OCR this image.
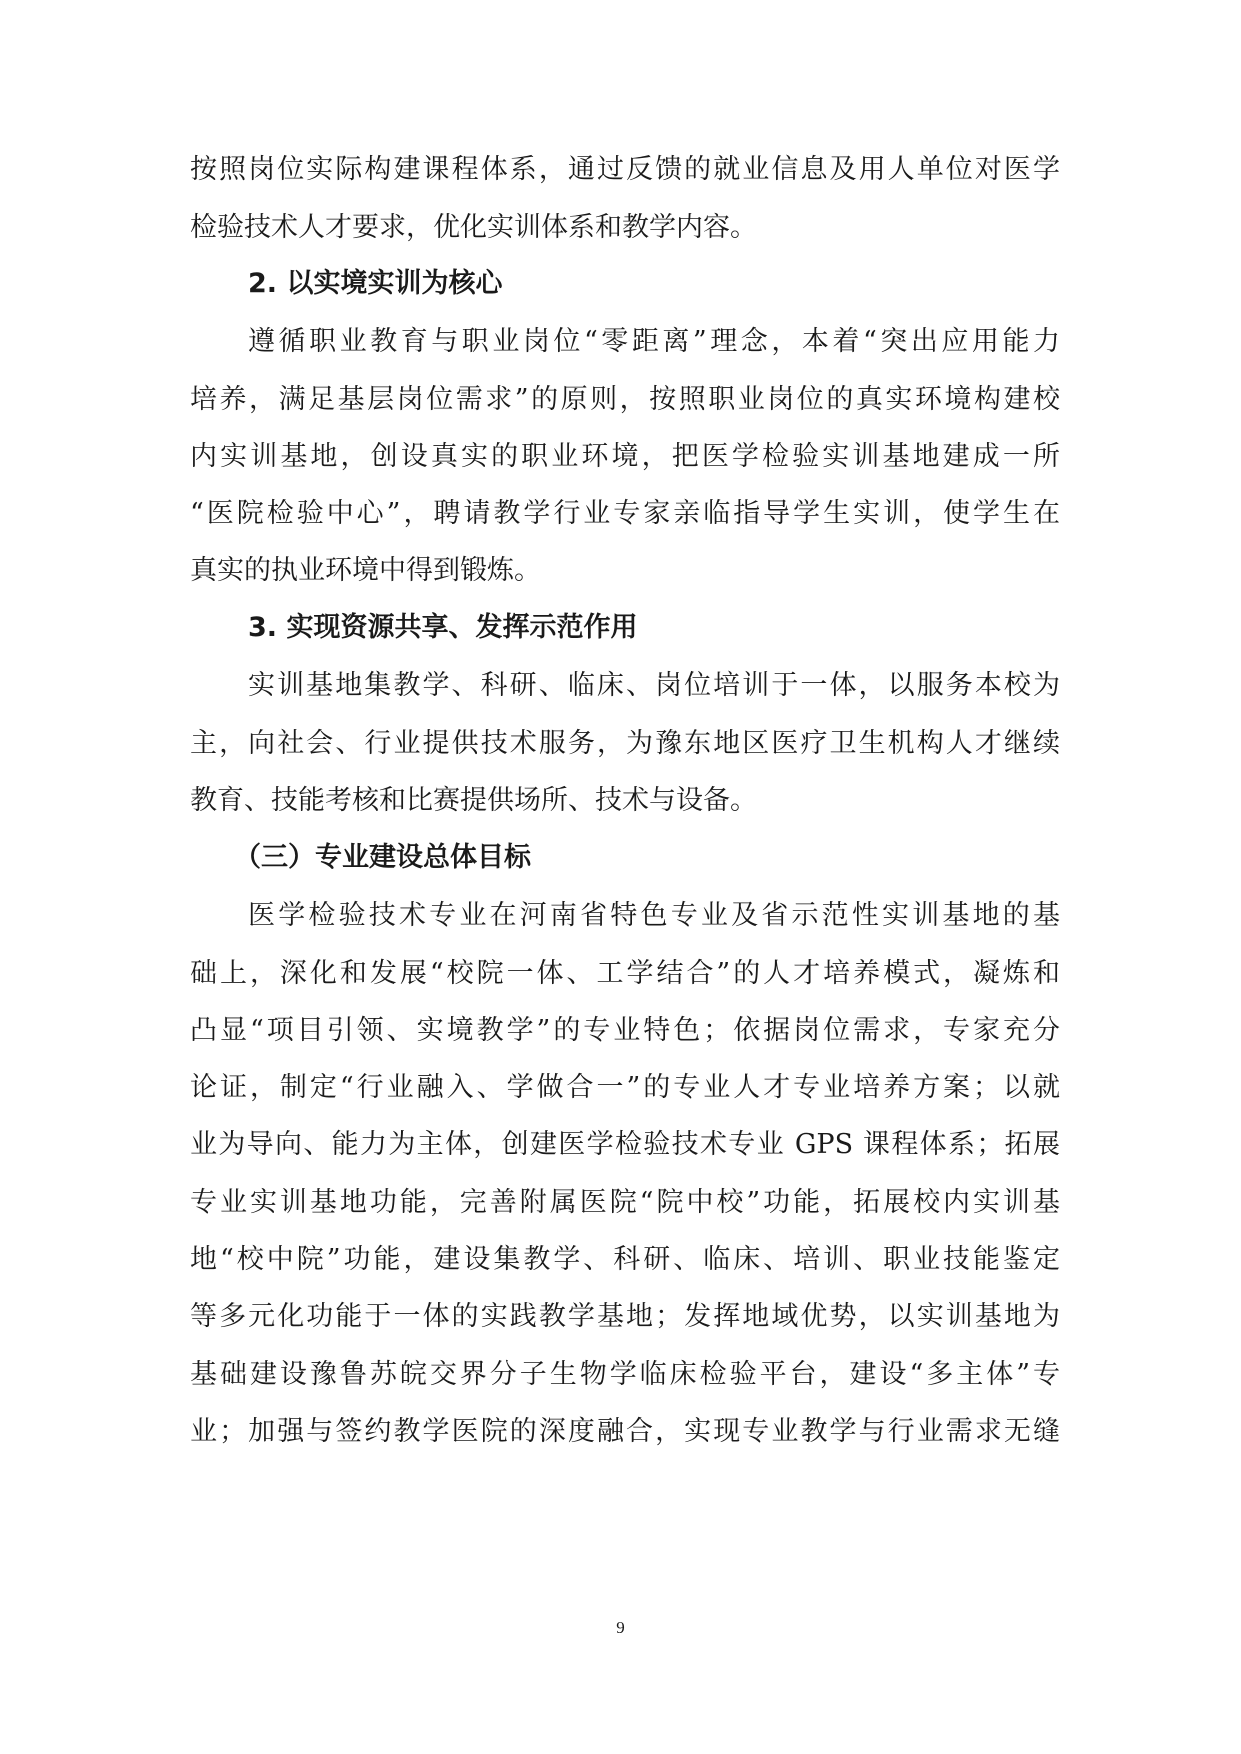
按照岗位实际构建课程体系，通过反馈的就业信息及用人单位对医学
检验技术人才要求，优化实训体系和教学内容。
2. 以实境实训为核心
遵循职业教育与职业岗位“零距离”理念，本着“突出应用能力
培养，满足基层岗位需求”的原则，按照职业岗位的真实环境构建校
内实训基地，创设真实的职业环境，把医学检验实训基地建成一所
“医院检验中心”，聘请教学行业专家亲临指导学生实训，使学生在
真实的执业环境中得到锻炼。
3. 实现资源共享、发挥示范作用
实训基地集教学、科研、临床、岗位培训于一体，以服务本校为
主，向社会、行业提供技术服务，为豫东地区医疗卫生机构人才继续
教育、技能考核和比赛提供场所、技术与设备。
（三）专业建设总体目标
医学检验技术专业在河南省特色专业及省示范性实训基地的基
础上，深化和发展“校院一体、工学结合”的人才培养模式，凝炼和
凸显“项目引领、实境教学”的专业特色；依据岗位需求，专家充分
论证，制定“行业融入、学做合一”的专业人才专业培养方案；以就
业为导向、能力为主体，创建医学检验技术专业 GPS 课程体系；拓展
专业实训基地功能，完善附属医院“院中校”功能，拓展校内实训基
地“校中院”功能，建设集教学、科研、临床、培训、职业技能鉴定
等多元化功能于一体的实践教学基地；发挥地域优势，以实训基地为
基础建设豫鲁苏皖交界分子生物学临床检验平台，建设“多主体”专
业；加强与签约教学医院的深度融合，实现专业教学与行业需求无缝
9
